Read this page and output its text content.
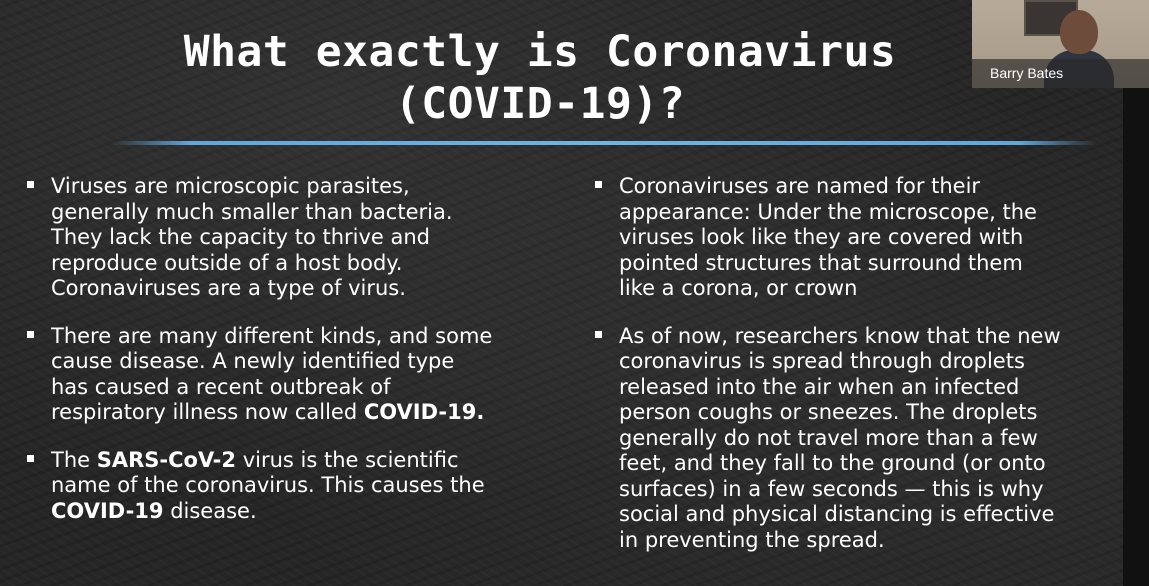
What exactly is Coronavirus (COVID-19)?
Viruses are microscopic parasites, generally much smaller than bacteria. They lack the capacity to thrive and reproduce outside of a host body. Coronaviruses are a type of virus.
There are many different kinds, and some cause disease. A newly identified type has caused a recent outbreak of respiratory illness now called COVID-19.
The SARS-CoV-2 virus is the scientific name of the coronavirus. This causes the COVID-19 disease.
Coronaviruses are named for their appearance: Under the microscope, the viruses look like they are covered with pointed structures that surround them like a corona, or crown
As of now, researchers know that the new coronavirus is spread through droplets released into the air when an infected person coughs or sneezes. The droplets generally do not travel more than a few feet, and they fall to the ground (or onto surfaces) in a few seconds — this is why social and physical distancing is effective in preventing the spread.
Barry Bates
